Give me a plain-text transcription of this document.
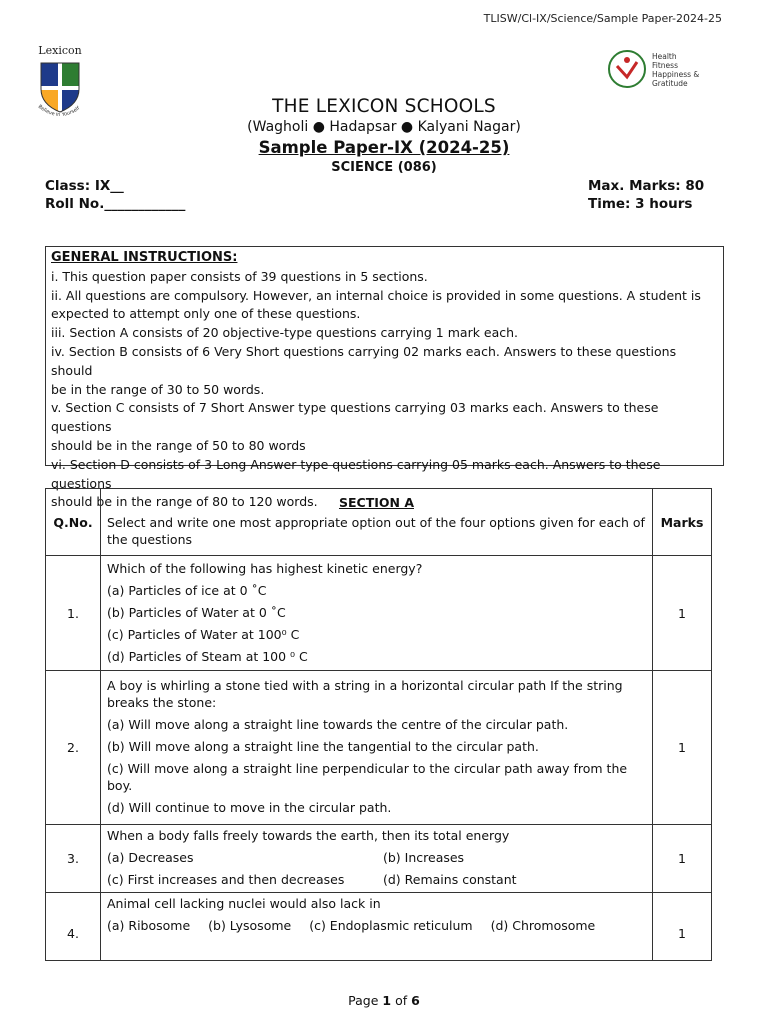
TLISW/Cl-IX/Science/Sample Paper-2024-25
Lexicon
Believe in Yourself
Health
Fitness
Happiness &
Gratitude
THE LEXICON SCHOOLS
(Wagholi ● Hadapsar ● Kalyani Nagar)
Sample Paper-IX (2024-25)
SCIENCE (086)
Class: IX__
Roll No.____________
Max. Marks: 80
Time: 3 hours
GENERAL INSTRUCTIONS:
i. This question paper consists of 39 questions in 5 sections.
ii. All questions are compulsory. However, an internal choice is provided in some questions. A student is
expected to attempt only one of these questions.
iii. Section A consists of 20 objective-type questions carrying 1 mark each.
iv. Section B consists of 6 Very Short questions carrying 02 marks each. Answers to these questions should
be in the range of 30 to 50 words.
v. Section C consists of 7 Short Answer type questions carrying 03 marks each. Answers to these questions
should be in the range of 50 to 80 words
vi. Section D consists of 3 Long Answer type questions carrying 05 marks each. Answers to these questions
should be in the range of 80 to 120 words.
Q.No.	SECTION A
Select and write one most appropriate option out of the four options given for each of the questions	Marks
1.	Which of the following has highest kinetic energy?
(a) Particles of ice at 0 ˚C
(b) Particles of Water at 0 ˚C
(c) Particles of Water at 100⁰ C
(d) Particles of Steam at 100 ⁰ C	1
2.	A boy is whirling a stone tied with a string in a horizontal circular path If the string breaks the stone:
(a) Will move along a straight line towards the centre of the circular path.
(b) Will move along a straight line the tangential to the circular path.
(c) Will move along a straight line perpendicular to the circular path away from the boy.
(d) Will continue to move in the circular path.	1
3.	When a body falls freely towards the earth, then its total energy
(a) Decreases (b) Increases
(c) First increases and then decreases (d) Remains constant	1
4.	Animal cell lacking nuclei would also lack in
(a) Ribosome (b) Lysosome (c) Endoplasmic reticulum (d) Chromosome	1
Page 1 of 6
